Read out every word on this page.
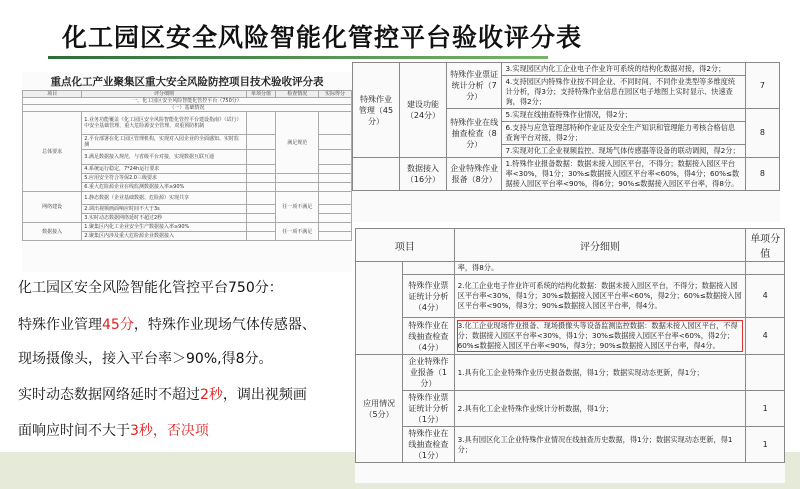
重点化工产业聚集区重大安全风险防控项目技术验收评分表
项目	评分细则	单项分值	检查情况	实际得分
一、化工园区安全风险智能化管控平台（750分）				
（一）基础情况				
总体要求	1.业务功能覆盖《化工园区安全风险智能化管控平台建设指南》（试行）中安全基础管理、重大危险源安全管理、双重预防机制		满足规范	
	2.平台部署在化工园区管理机构，实现对入园企业的全面感知、实时监测			
	3.满足数据接入规范，与省级平台对接，实现数据互联互通			
	4.系统运行稳定，7*24h运行要求			
	5.应用安全符合等保2.0三级要求			
	6.重大危险源企业在线监测数据接入率≥90%			
网络建设	1.静态数据（企业基础数据、危险源）实现共享		任一项不满足	
	2.调出视频画面响应时间不大于3s			
	3.实时动态数据网络延时不超过2秒			
数据接入	1.聚集区内化工企业安全生产数据接入率≥90%		任一项不满足	
	2.聚集区内涉及重大危险源企业数据接入			
特殊作业管理（45分）	建设功能（24分）	特殊作业票证统计分析（7分）	3.实现园区内化工企业电子作业许可系统的结构化数据对接，得2分；	7
			4.支持园区内特殊作业按不同企业、不同时间、不同作业类型等多维度统计分析，得3分；支持特殊作业信息在园区电子地图上实时显示、快速查询，得2分；	
		特殊作业在线抽查检查（8分）	5.实现在线抽查特殊作业情况，得2分；	8
			6.支持与应急管理部特种作业证及安全生产知识和管理能力考核合格信息查询平台对接，得2分；	
			7.实现对化工企业视频监控、现场气体传感器等设备的联动调阅，得2分；	
	数据接入（16分）	企业特殊作业报备（8分）	1.特殊作业报备数据：数据未接入园区平台，不得分；数据接入园区平台率<30%，得1分；30%≤数据接入园区平台率<60%，得4分；60%≤数据接入园区平台率<90%，得6分；90%≤数据接入园区平台率，得8分。	8
项目		评分细则	单项分值
		率，得8分。	
	特殊作业票证统计分析（4分）	2.化工企业电子作业许可系统的结构化数据：数据未接入园区平台，不得分；数据接入园区平台率<30%，得1分；30%≤数据接入园区平台率<60%，得2分；60%≤数据接入园区平台率<90%，得3分；90%≤数据接入园区平台率，得4分。	4
	特殊作业在线抽查检查（4分）	3.化工企业现场作业报备、现场摄像头等设备监测监控数据：数据未接入园区平台，不得分；数据接入园区平台率<30%，得1分；30%≤数据接入园区平台率<60%，得2分；60%≤数据接入园区平台率<90%，得3分；90%≤数据接入园区平台率，得4分。	4
应用情况（5分）	企业特殊作业报备（1分）	1.具有化工企业特殊作业历史报备数据，得1分；数据实现动态更新，得1分；	
	特殊作业票证统计分析（1分）	2.具有化工企业特殊作业统计分析数据，得1分；	1
	特殊作业在线抽查检查（1分）	3.具有园区化工企业特殊作业情况在线抽查历史数据，得1分；数据实现动态更新，得1分；	1
化工园区安全风险智能化管控平台验收评分表
化工园区安全风险智能化管控平台750分：
特殊作业管理45分，特殊作业现场气体传感器、
现场摄像头，接入平台率＞90%,得8分。
实时动态数据网络延时不超过2秒，调出视频画
面响应时间不大于3秒，否决项
